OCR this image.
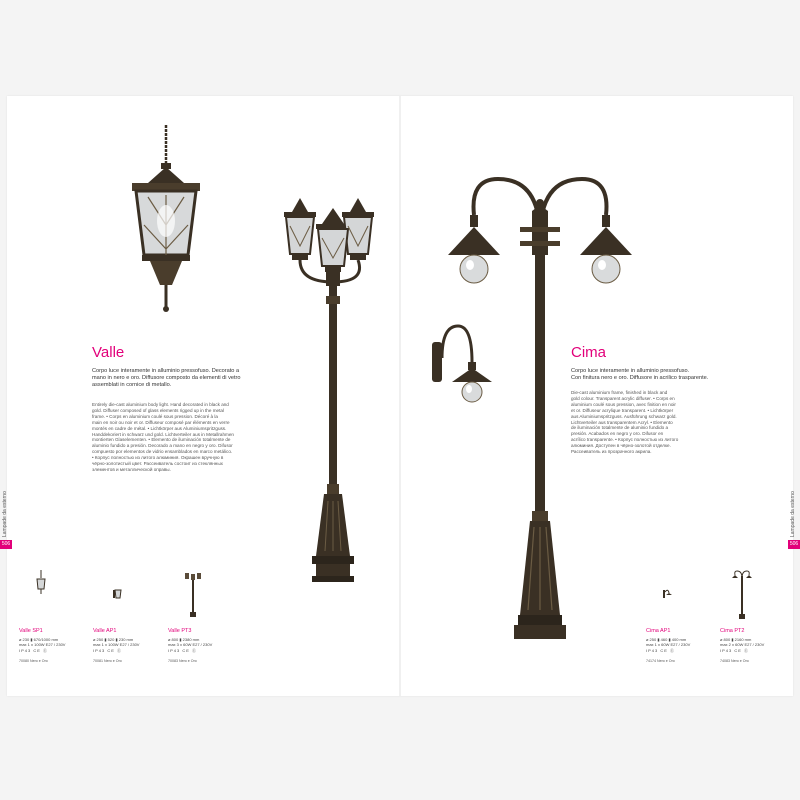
Lampade da esterno
506
Lampade da esterno
506
Valle
Corpo luce interamente in alluminio pressofuso. Decorato a
mano in nero e oro. Diffusore composto da elementi di vetro
assemblati in cornice di metallo.
Entirely die-cast aluminium body light. Hand decorated in black and
gold. Diffuser composed of glass elements rigged up in the metal
frame. • Corps en aluminium coulé sous pression. Décoré à la
main en noir ou noir et or. Diffuseur composé par éléments en verre
montés en cadre de métal. • Lichtkörper aus Aluminiumspritzguss.
Handdekoriert in schwarz und gold. Lichtverteiler aus in Metallrahmen
montierten Glaselementen. • Elemento de iluminación totalmente de
aluminio fundido a presión. Decorado a mano en negro y oro. Difusor
compuesto por elementos de vidrio ensamblados en marco metálico.
• Корпус полностью из литого алюминия. Окрашен вручную в
чёрно-золотистый цвет. Рассеиватель состоит из стеклянных
элементов и металлической оправы.
Cima
Corpo luce interamente in alluminio pressofuso.
Con finitura nero e oro. Diffusore in acrilico trasparente.
Die-cast aluminium frame, finished in black and
gold colour. Transparent acrylic diffuser. • Corps en
aluminium coulé sous pression, avec finition en noir
et or. Diffuseur acrylique transparent. • Lichtkörper
aus Aluminiumspritzguss. Ausführung schwarz gold.
Lichtverteiler aus transparentem Acryl. • Elemento
de iluminación totalmente de aluminio fundido a
presión. Acabados en negro y oro. Difusor en
acrílico transparente. • Корпус полностью из литого
алюминия. Доступен в чёрно-золотой отделке.
Рассеиватель из прозрачного акрила.
Valle SP1
ø 230 ▮ 670/1000 mm
max 1 x 100W E27 / 230V
IP43 CE Ⓔ
70080 Nero e Oro
Valle AP1
ø 250 ▮ 520 ▮ 230 mm
max 1 x 100W E27 / 230V
IP43 CE Ⓔ
70081 Nero e Oro
Valle PT3
ø 800 ▮ 2380 mm
max 3 x 60W E27 / 230V
IP43 CE Ⓔ
70083 Nero e Oro
Cima AP1
ø 250 ▮ 460 ▮ 400 mm
max 1 x 60W E27 / 230V
IP43 CE Ⓔ
74174 Nero e Oro
Cima PT2
ø 800 ▮ 2160 mm
max 2 x 60W E27 / 230V
IP43 CE Ⓔ
74083 Nero e Oro
